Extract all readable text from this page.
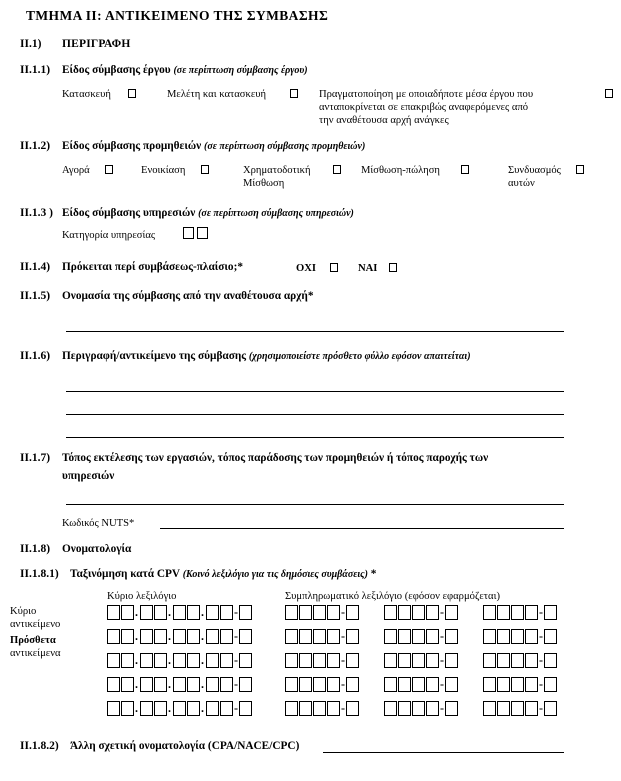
ΤΜΗΜΑ ΙΙ: ΑΝΤΙΚΕΙΜΕΝΟ ΤΗΣ ΣΥΜΒΑΣΗΣ
ΙΙ.1) ΠΕΡΙΓΡΑΦΗ
ΙΙ.1.1) Είδος σύμβασης έργου (σε περίπτωση σύμβασης έργου)
Κατασκευή	Μελέτη και κατασκευή	Πραγματοποίηση με οποιαδήποτε μέσα έργου που
ανταποκρίνεται σε επακριβώς αναφερόμενες από
την αναθέτουσα αρχή ανάγκες
ΙΙ.1.2) Είδος σύμβασης προμηθειών (σε περίπτωση σύμβασης προμηθειών)
Αγορά	Ενοικίαση	Χρηματοδοτική
Μίσθωση
Μίσθωση-πώληση	Συνδυασμός
αυτών
ΙΙ.1.3 ) Είδος σύμβασης υπηρεσιών (σε περίπτωση σύμβασης υπηρεσιών)
Κατηγορία υπηρεσίας
ΙΙ.1.4) Πρόκειται περί συμβάσεως-πλαίσιο;*	ΟΧΙ	ΝΑΙ
ΙΙ.1.5) Ονομασία της σύμβασης από την αναθέτουσα αρχή*
ΙΙ.1.6) Περιγραφή/αντικείμενο της σύμβασης (χρησιμοποιείστε πρόσθετο φύλλο εφόσον απαιτείται)
ΙΙ.1.7) Τόπος εκτέλεσης των εργασιών, τόπος παράδοσης των προμηθειών ή τόπος παροχής των
υπηρεσιών
Κωδικός NUTS*
ΙΙ.1.8) Ονοματολογία
ΙΙ.1.8.1) Ταξινόμηση κατά CPV (Κοινό λεξιλόγιο για τις δημόσιες συμβάσεις) *
Κύριο λεξιλόγιο	Συμπληρωματικό λεξιλόγιο (εφόσον εφαρμόζεται)
Κύριο
αντικείμενο
Πρόσθετα
αντικείμενα
.	.	.	-	-	-	-
.	.	.	-	-	-	-
.	.	.	-	-	-	-
.	.	.	-	-	-	-
.	.	.	-	-	-	-
ΙΙ.1.8.2) Άλλη σχετική ονοματολογία (CPA/NACE/CPC)
